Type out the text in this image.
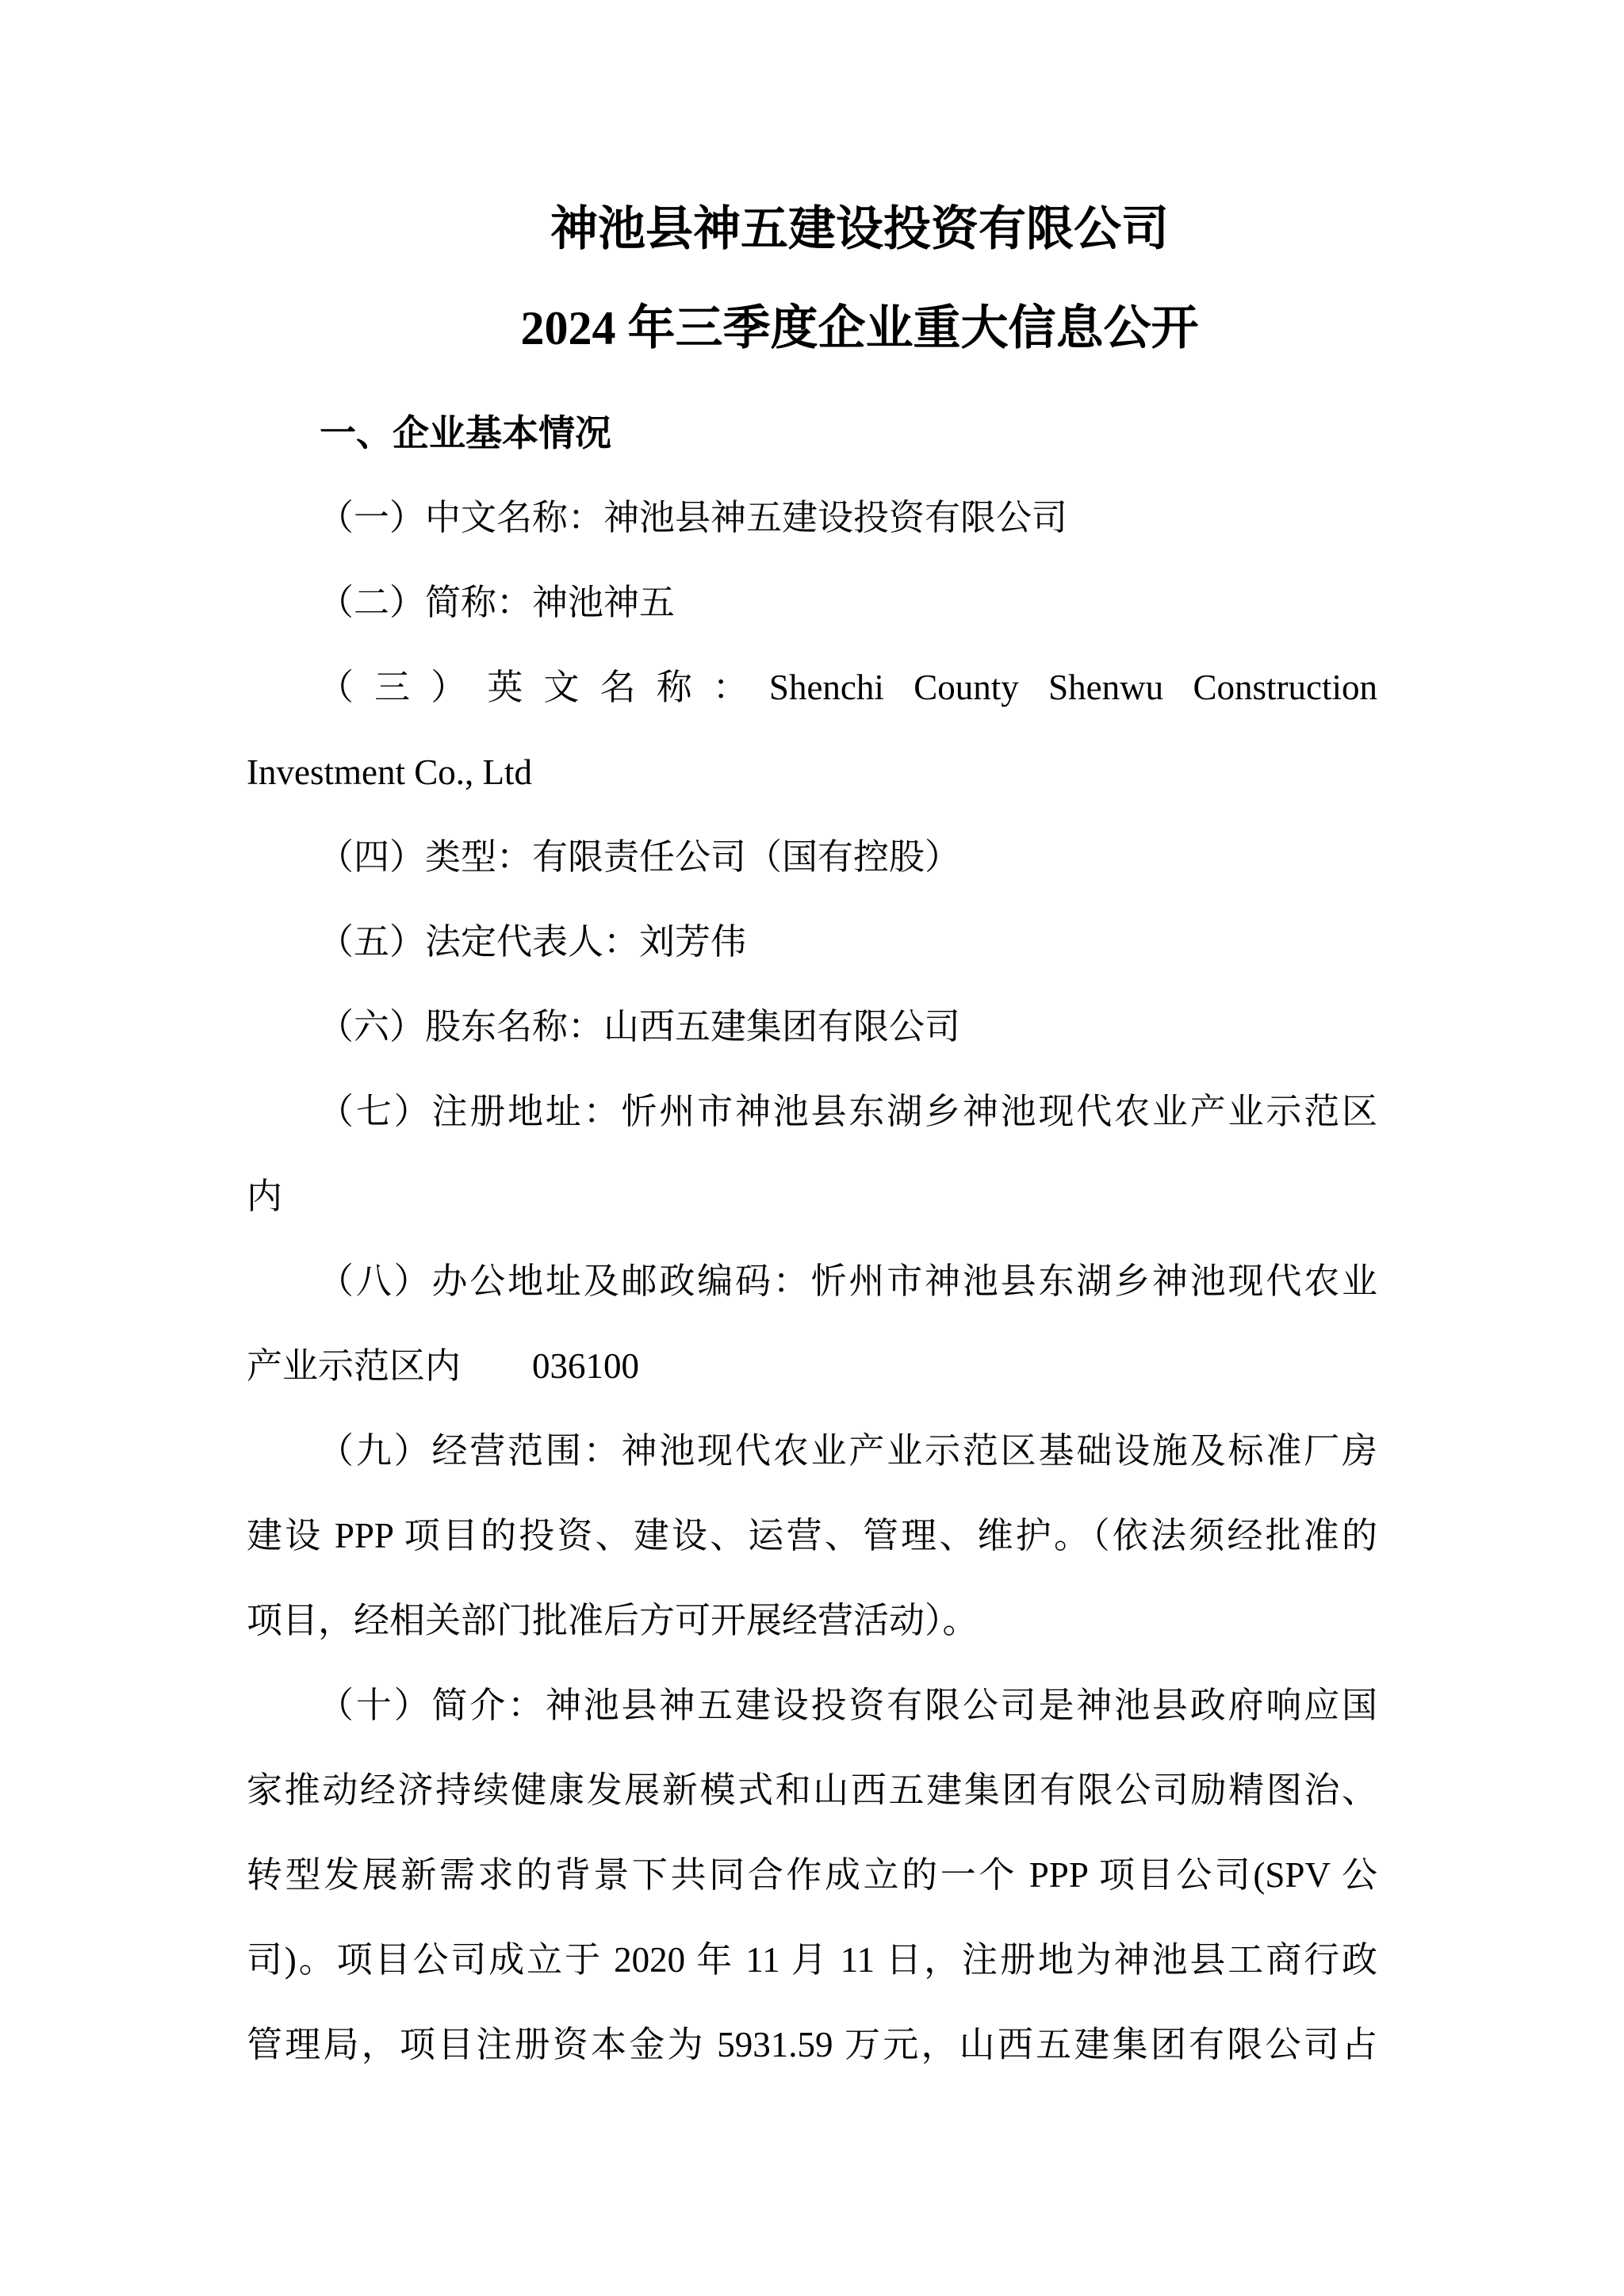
神池县神五建设投资有限公司
2024 年三季度企业重大信息公开
一、企业基本情况
（一）中文名称：神池县神五建设投资有限公司
（二）简称：神池神五
（三）英文名称：Shenchi County Shenwu Construction
Investment Co., Ltd
（四）类型：有限责任公司（国有控股）
（五）法定代表人：刘芳伟
（六）股东名称：山西五建集团有限公司
（七）注册地址：忻州市神池县东湖乡神池现代农业产业示范区
内
（八）办公地址及邮政编码：忻州市神池县东湖乡神池现代农业
产业示范区内　　036100
（九）经营范围：神池现代农业产业示范区基础设施及标准厂房
建设 PPP 项目的投资、建设、运营、管理、维护。（依法须经批准的
项目，经相关部门批准后方可开展经营活动）。
（十）简介：神池县神五建设投资有限公司是神池县政府响应国
家推动经济持续健康发展新模式和山西五建集团有限公司励精图治、
转型发展新需求的背景下共同合作成立的一个 PPP 项目公司(SPV 公
司)。项目公司成立于 2020 年 11 月 11 日，注册地为神池县工商行政
管理局，项目注册资本金为 5931.59 万元，山西五建集团有限公司占
